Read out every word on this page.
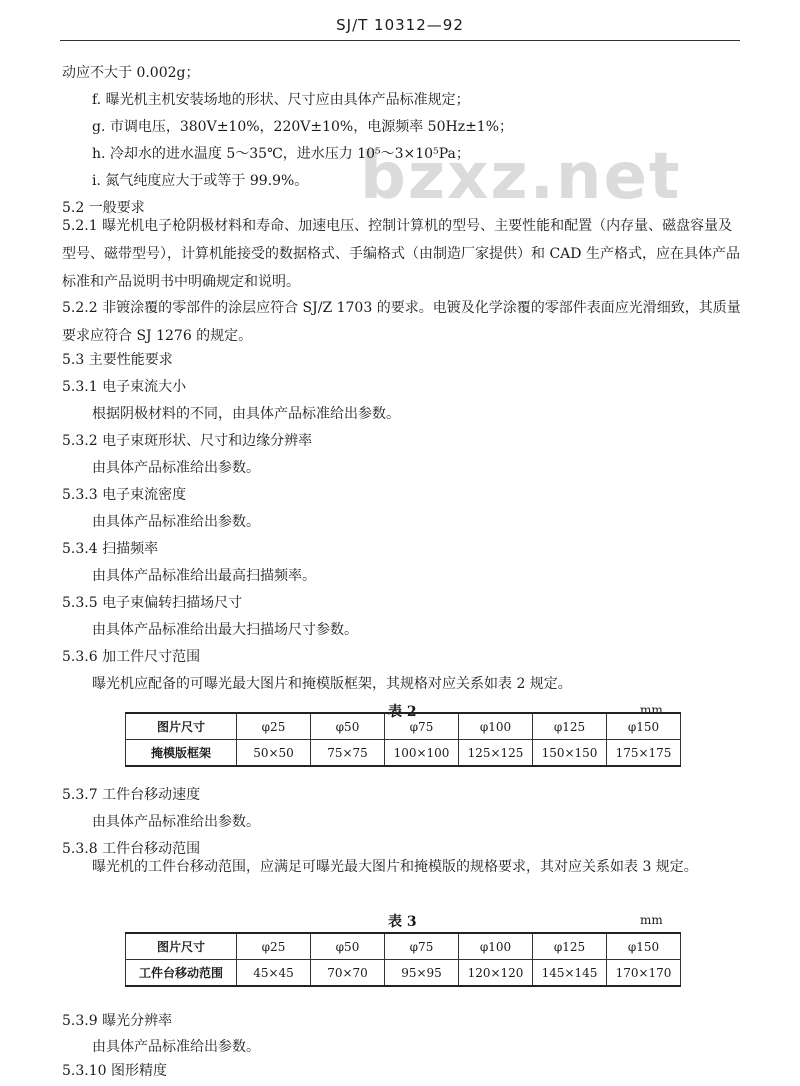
SJ/T 10312—92
bzxz.net
动应不大于 0.002g；
f. 曝光机主机安装场地的形状、尺寸应由具体产品标准规定；
g. 市调电压，380V±10%，220V±10%，电源频率 50Hz±1%；
h. 冷却水的进水温度 5～35℃，进水压力 10⁵～3×10⁵Pa；
i. 氮气纯度应大于或等于 99.9%。
5.2 一般要求
5.2.1 曝光机电子枪阴极材料和寿命、加速电压、控制计算机的型号、主要性能和配置（内存量、磁盘容量及型号、磁带型号），计算机能接受的数据格式、手编格式（由制造厂家提供）和 CAD 生产格式，应在具体产品标准和产品说明书中明确规定和说明。
5.2.2 非镀涂覆的零部件的涂层应符合 SJ/Z 1703 的要求。电镀及化学涂覆的零部件表面应光滑细致，其质量要求应符合 SJ 1276 的规定。
5.3 主要性能要求
5.3.1 电子束流大小
根据阴极材料的不同，由具体产品标准给出参数。
5.3.2 电子束斑形状、尺寸和边缘分辨率
由具体产品标准给出参数。
5.3.3 电子束流密度
由具体产品标准给出参数。
5.3.4 扫描频率
由具体产品标准给出最高扫描频率。
5.3.5 电子束偏转扫描场尺寸
由具体产品标准给出最大扫描场尺寸参数。
5.3.6 加工件尺寸范围
曝光机应配备的可曝光最大图片和掩模版框架，其规格对应关系如表 2 规定。
表 2	mm
图片尺寸	φ25	φ50	φ75	φ100	φ125	φ150
掩模版框架	50×50	75×75	100×100	125×125	150×150	175×175
5.3.7 工件台移动速度
由具体产品标准给出参数。
5.3.8 工件台移动范围
曝光机的工件台移动范围，应满足可曝光最大图片和掩模版的规格要求，其对应关系如表 3 规定。
表 3	mm
图片尺寸	φ25	φ50	φ75	φ100	φ125	φ150
工件台移动范围	45×45	70×70	95×95	120×120	145×145	170×170
5.3.9 曝光分辨率
由具体产品标准给出参数。
5.3.10 图形精度
